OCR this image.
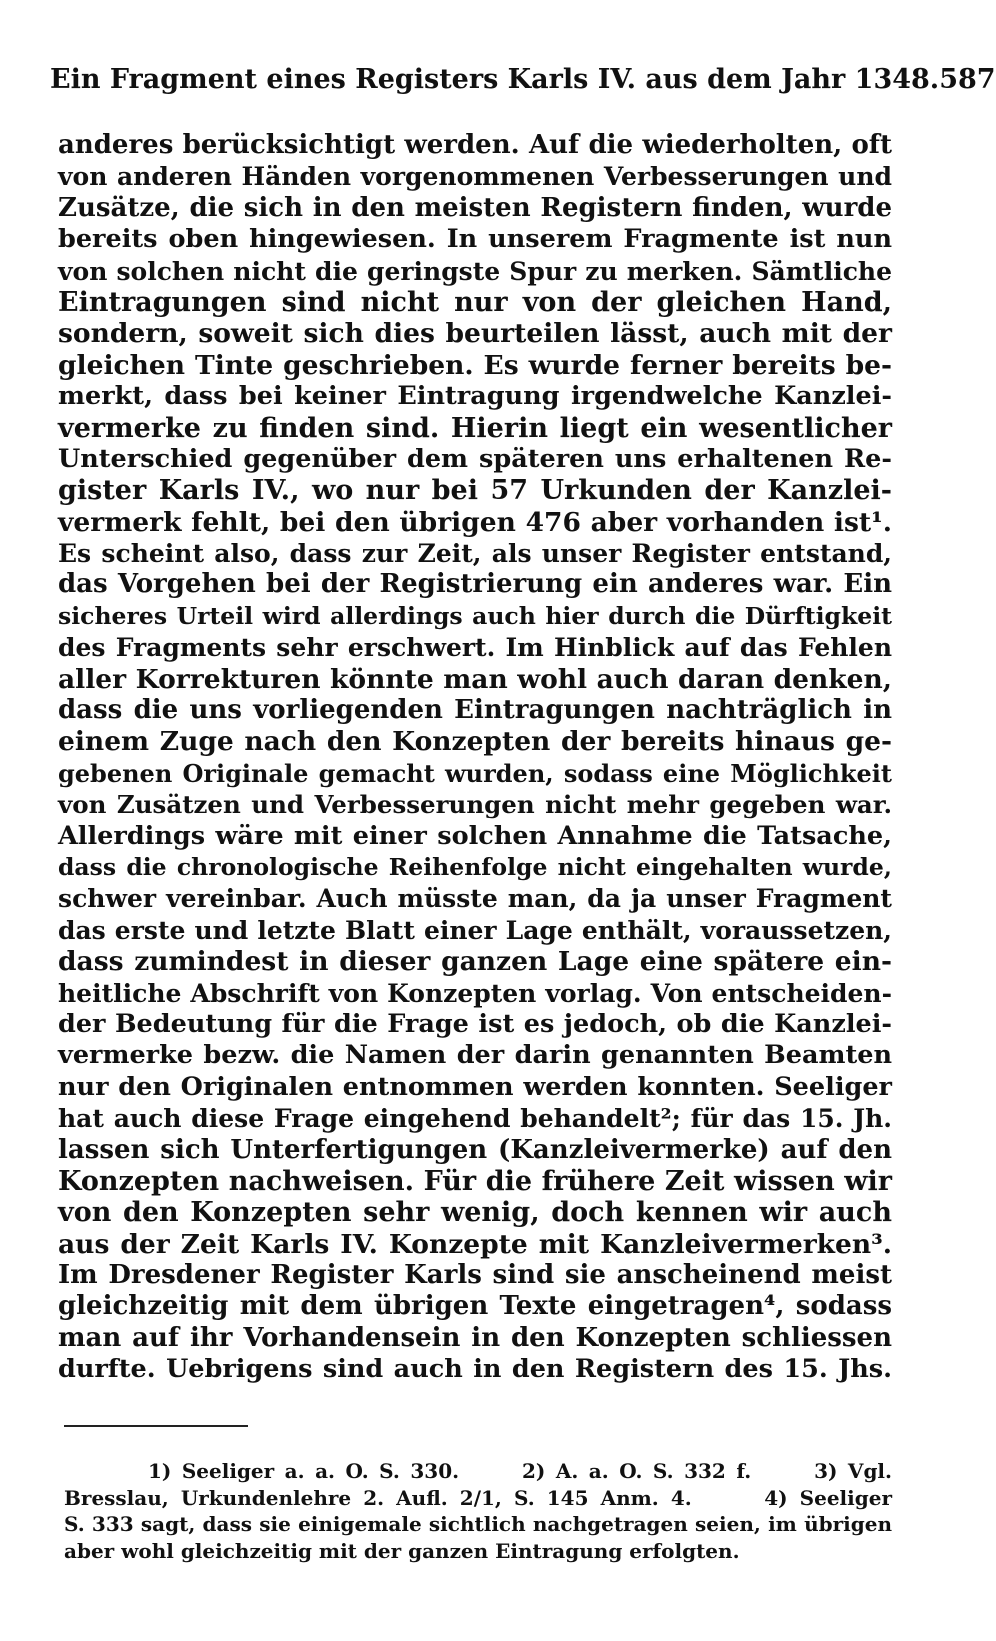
Ein Fragment eines Registers Karls IV. aus dem Jahr 1348. 587
anderes berücksichtigt werden. Auf die wiederholten, oft
von anderen Händen vorgenommenen Verbesserungen und
Zusätze, die sich in den meisten Registern finden, wurde
bereits oben hingewiesen. In unserem Fragmente ist nun
von solchen nicht die geringste Spur zu merken. Sämtliche
Eintragungen sind nicht nur von der gleichen Hand,
sondern, soweit sich dies beurteilen lässt, auch mit der
gleichen Tinte geschrieben. Es wurde ferner bereits be-
merkt, dass bei keiner Eintragung irgendwelche Kanzlei-
vermerke zu finden sind. Hierin liegt ein wesentlicher
Unterschied gegenüber dem späteren uns erhaltenen Re-
gister Karls IV., wo nur bei 57 Urkunden der Kanzlei-
vermerk fehlt, bei den übrigen 476 aber vorhanden ist¹.
Es scheint also, dass zur Zeit, als unser Register entstand,
das Vorgehen bei der Registrierung ein anderes war. Ein
sicheres Urteil wird allerdings auch hier durch die Dürftigkeit
des Fragments sehr erschwert. Im Hinblick auf das Fehlen
aller Korrekturen könnte man wohl auch daran denken,
dass die uns vorliegenden Eintragungen nachträglich in
einem Zuge nach den Konzepten der bereits hinaus ge-
gebenen Originale gemacht wurden, sodass eine Möglichkeit
von Zusätzen und Verbesserungen nicht mehr gegeben war.
Allerdings wäre mit einer solchen Annahme die Tatsache,
dass die chronologische Reihenfolge nicht eingehalten wurde,
schwer vereinbar. Auch müsste man, da ja unser Fragment
das erste und letzte Blatt einer Lage enthält, voraussetzen,
dass zumindest in dieser ganzen Lage eine spätere ein-
heitliche Abschrift von Konzepten vorlag. Von entscheiden-
der Bedeutung für die Frage ist es jedoch, ob die Kanzlei-
vermerke bezw. die Namen der darin genannten Beamten
nur den Originalen entnommen werden konnten. Seeliger
hat auch diese Frage eingehend behandelt²; für das 15. Jh.
lassen sich Unterfertigungen (Kanzleivermerke) auf den
Konzepten nachweisen. Für die frühere Zeit wissen wir
von den Konzepten sehr wenig, doch kennen wir auch
aus der Zeit Karls IV. Konzepte mit Kanzleivermerken³.
Im Dresdener Register Karls sind sie anscheinend meist
gleichzeitig mit dem übrigen Texte eingetragen⁴, sodass
man auf ihr Vorhandensein in den Konzepten schliessen
durfte. Uebrigens sind auch in den Registern des 15. Jhs.
1) Seeliger a. a. O. S. 330.      2) A. a. O. S. 332 f.      3) Vgl.
Bresslau, Urkundenlehre 2. Aufl. 2/1, S. 145 Anm. 4.      4) Seeliger
S. 333 sagt, dass sie einigemale sichtlich nachgetragen seien, im übrigen
aber wohl gleichzeitig mit der ganzen Eintragung erfolgten.
